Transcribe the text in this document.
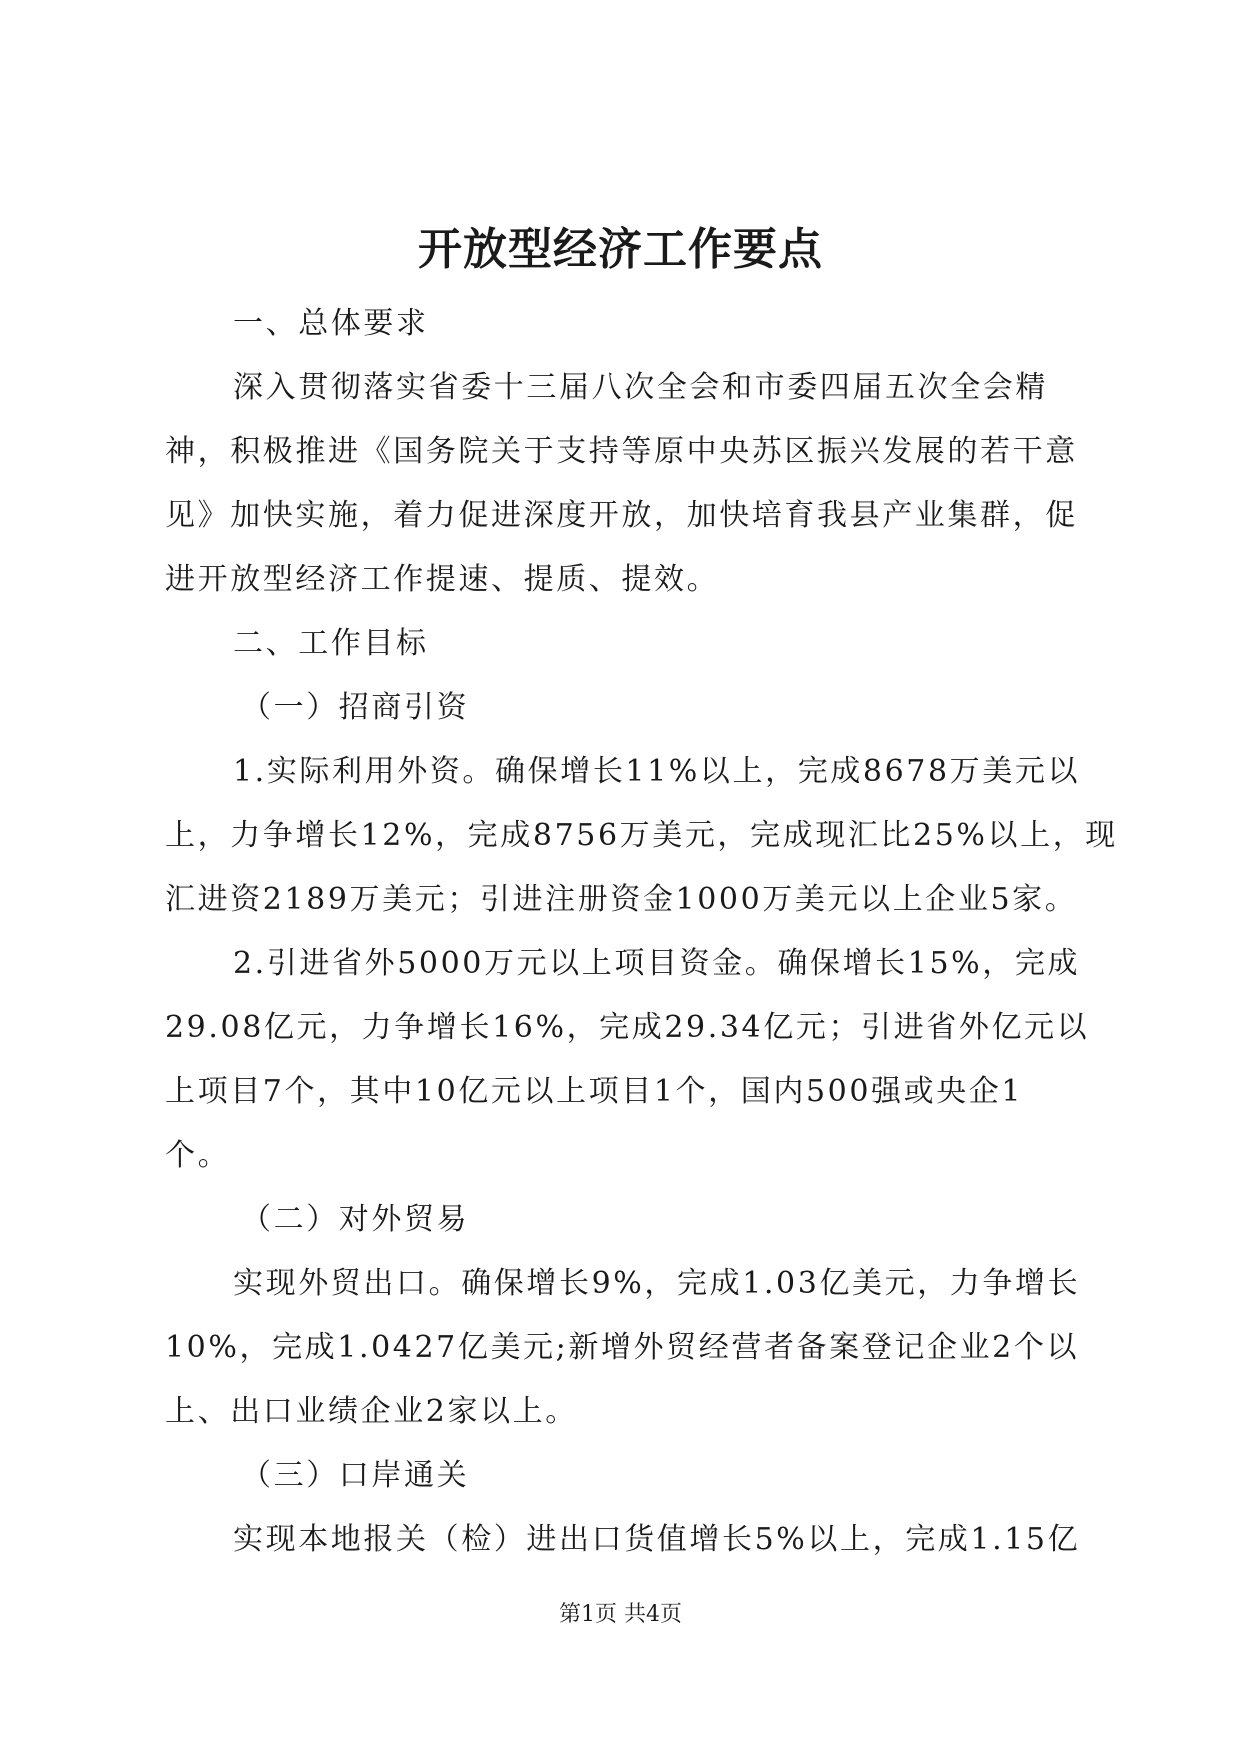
开放型经济工作要点
一、总体要求
深入贯彻落实省委十三届八次全会和市委四届五次全会精
神，积极推进《国务院关于支持等原中央苏区振兴发展的若干意
见》加快实施，着力促进深度开放，加快培育我县产业集群，促
进开放型经济工作提速、提质、提效。
二、工作目标
（一）招商引资
1.实际利用外资。确保增长11%以上，完成8678万美元以
上，力争增长12%，完成8756万美元，完成现汇比25%以上，现
汇进资2189万美元；引进注册资金1000万美元以上企业5家。
2.引进省外5000万元以上项目资金。确保增长15%，完成
29.08亿元，力争增长16%，完成29.34亿元；引进省外亿元以
上项目7个，其中10亿元以上项目1个，国内500强或央企1
个。
（二）对外贸易
实现外贸出口。确保增长9%，完成1.03亿美元，力争增长
10%，完成1.0427亿美元;新增外贸经营者备案登记企业2个以
上、出口业绩企业2家以上。
（三）口岸通关
实现本地报关（检）进出口货值增长5%以上，完成1.15亿
第1页 共4页
